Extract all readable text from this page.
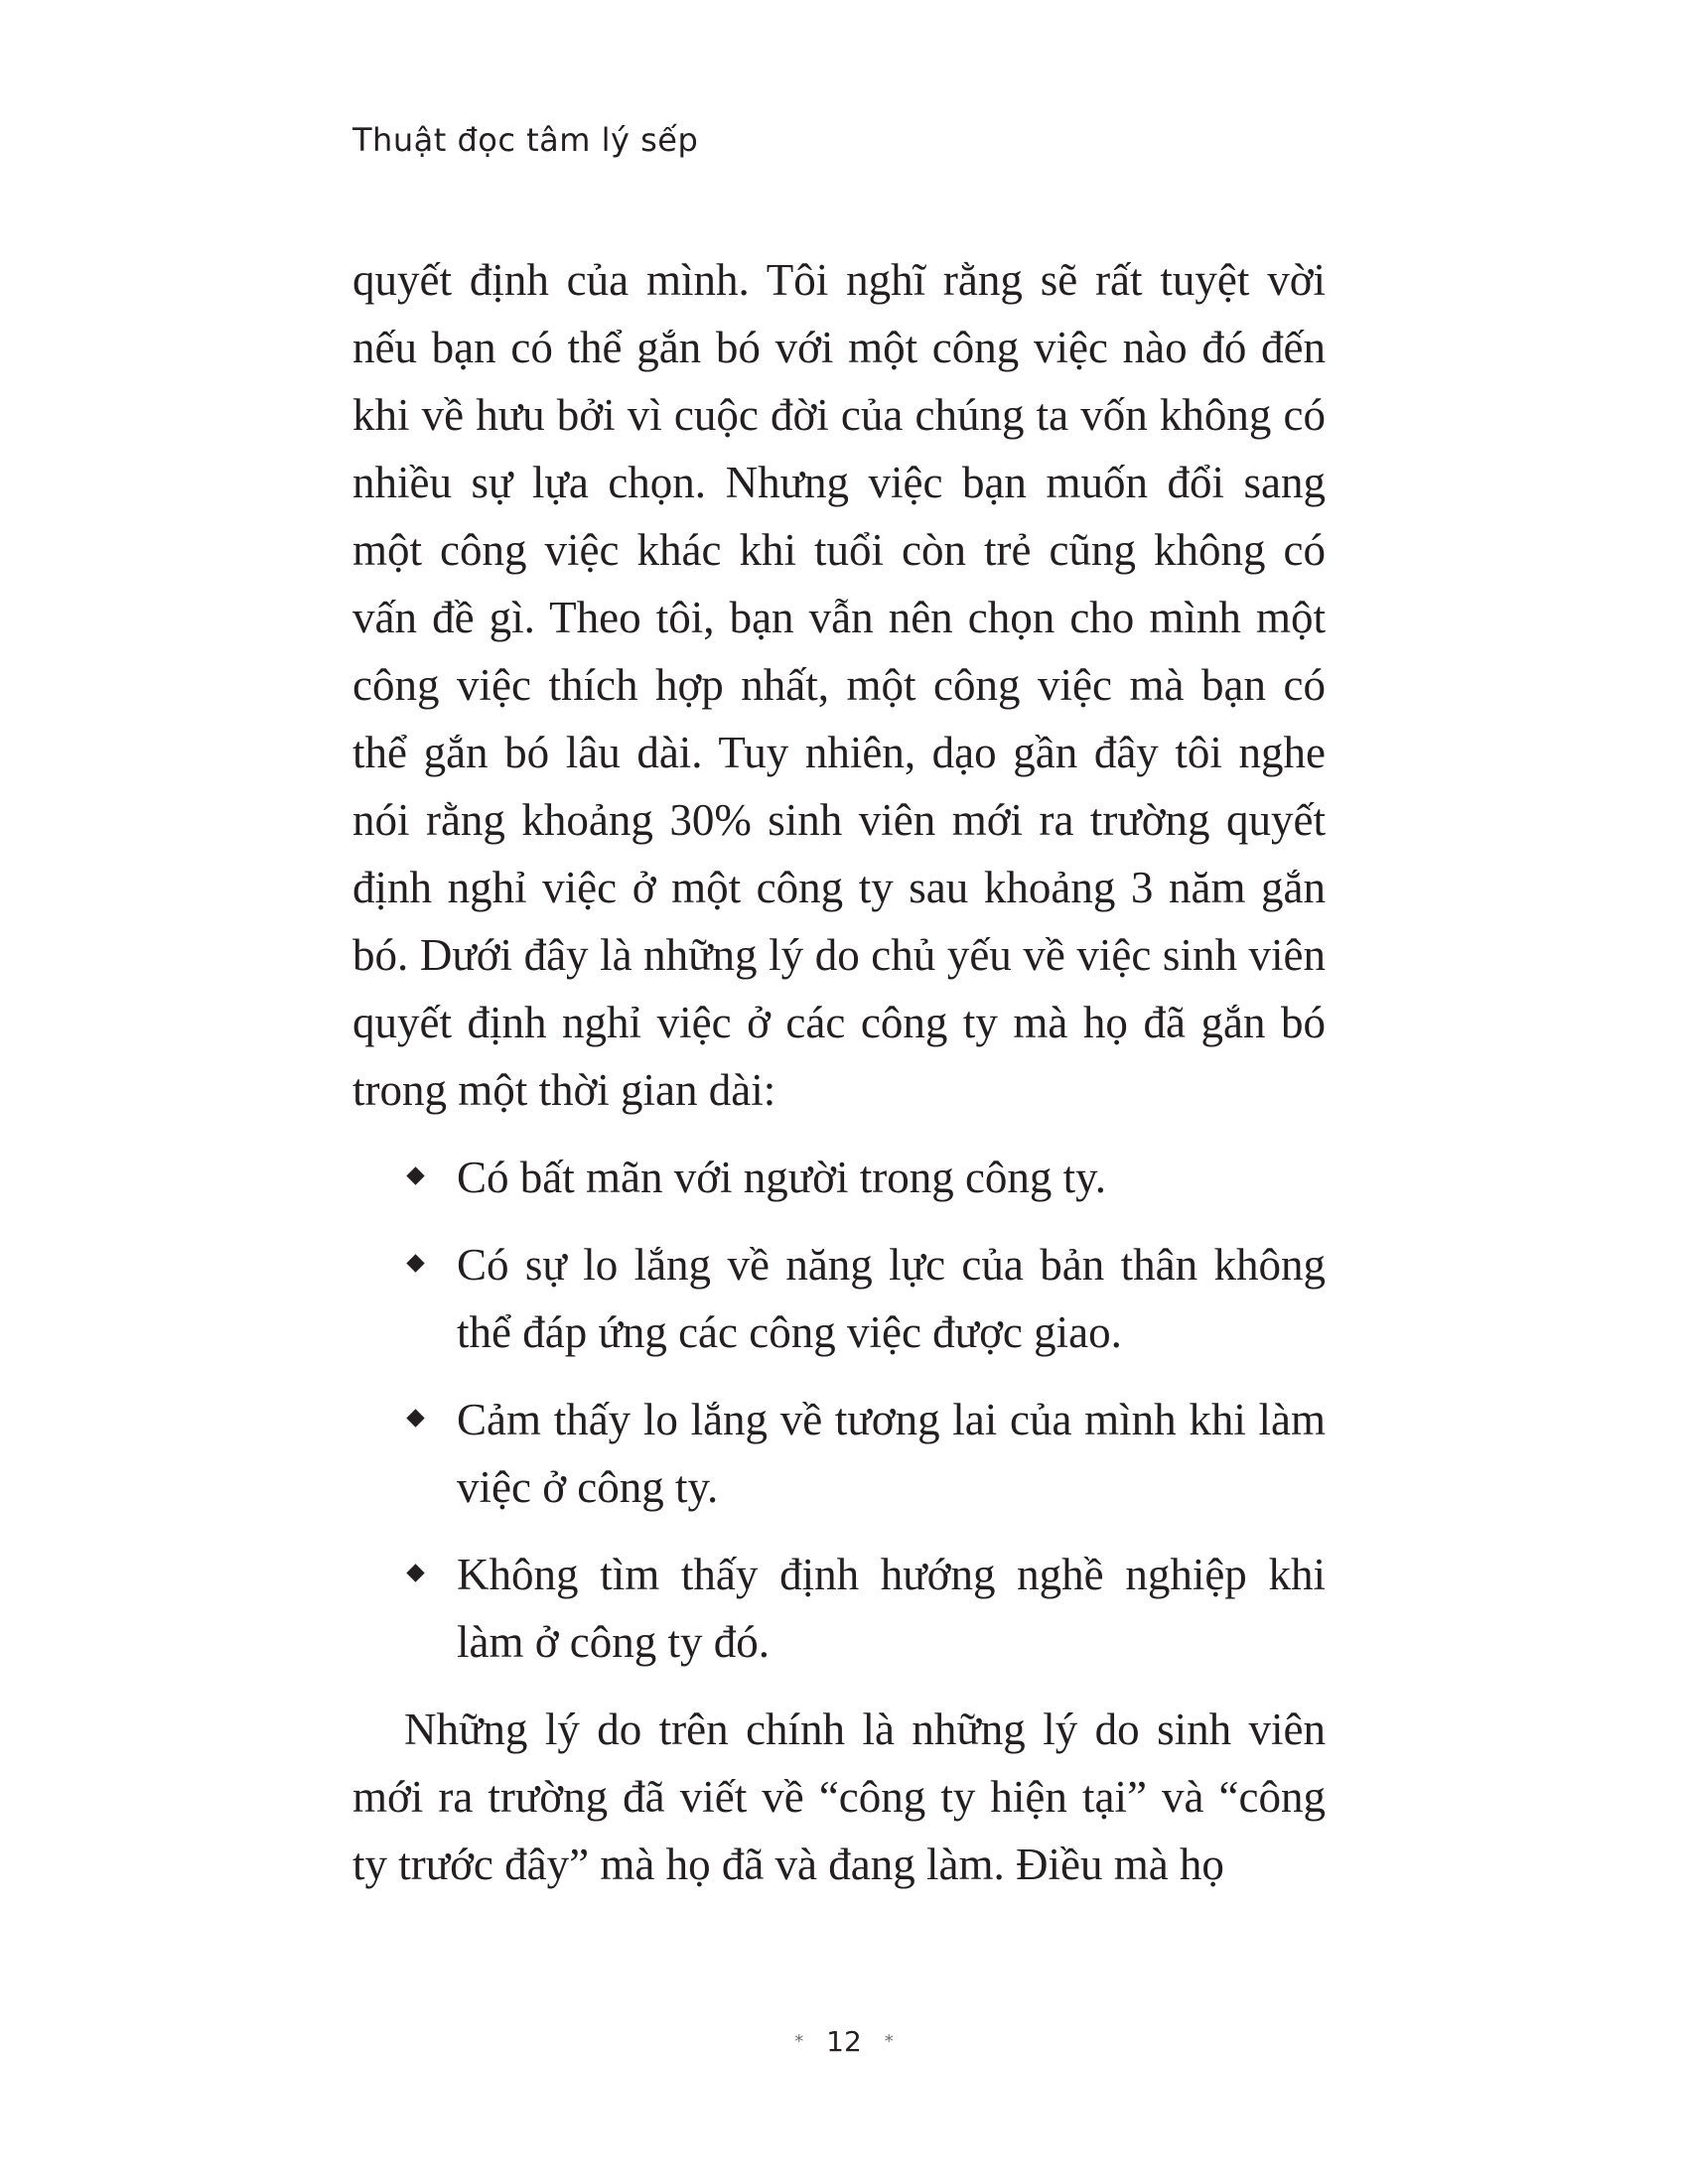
Thuật đọc tâm lý sếp

quyết định của mình. Tôi nghĩ rằng sẽ rất tuyệt vời nếu bạn có thể gắn bó với một công việc nào đó đến khi về hưu bởi vì cuộc đời của chúng ta vốn không có nhiều sự lựa chọn. Nhưng việc bạn muốn đổi sang một công việc khác khi tuổi còn trẻ cũng không có vấn đề gì. Theo tôi, bạn vẫn nên chọn cho mình một công việc thích hợp nhất, một công việc mà bạn có thể gắn bó lâu dài. Tuy nhiên, dạo gần đây tôi nghe nói rằng khoảng 30% sinh viên mới ra trường quyết định nghỉ việc ở một công ty sau khoảng 3 năm gắn bó. Dưới đây là những lý do chủ yếu về việc sinh viên quyết định nghỉ việc ở các công ty mà họ đã gắn bó trong một thời gian dài:

Có bất mãn với người trong công ty.
Có sự lo lắng về năng lực của bản thân không thể đáp ứng các công việc được giao.
Cảm thấy lo lắng về tương lai của mình khi làm việc ở công ty.
Không tìm thấy định hướng nghề nghiệp khi làm ở công ty đó.

Những lý do trên chính là những lý do sinh viên mới ra trường đã viết về “công ty hiện tại” và “công ty trước đây” mà họ đã và đang làm. Điều mà họ

* 12 *
